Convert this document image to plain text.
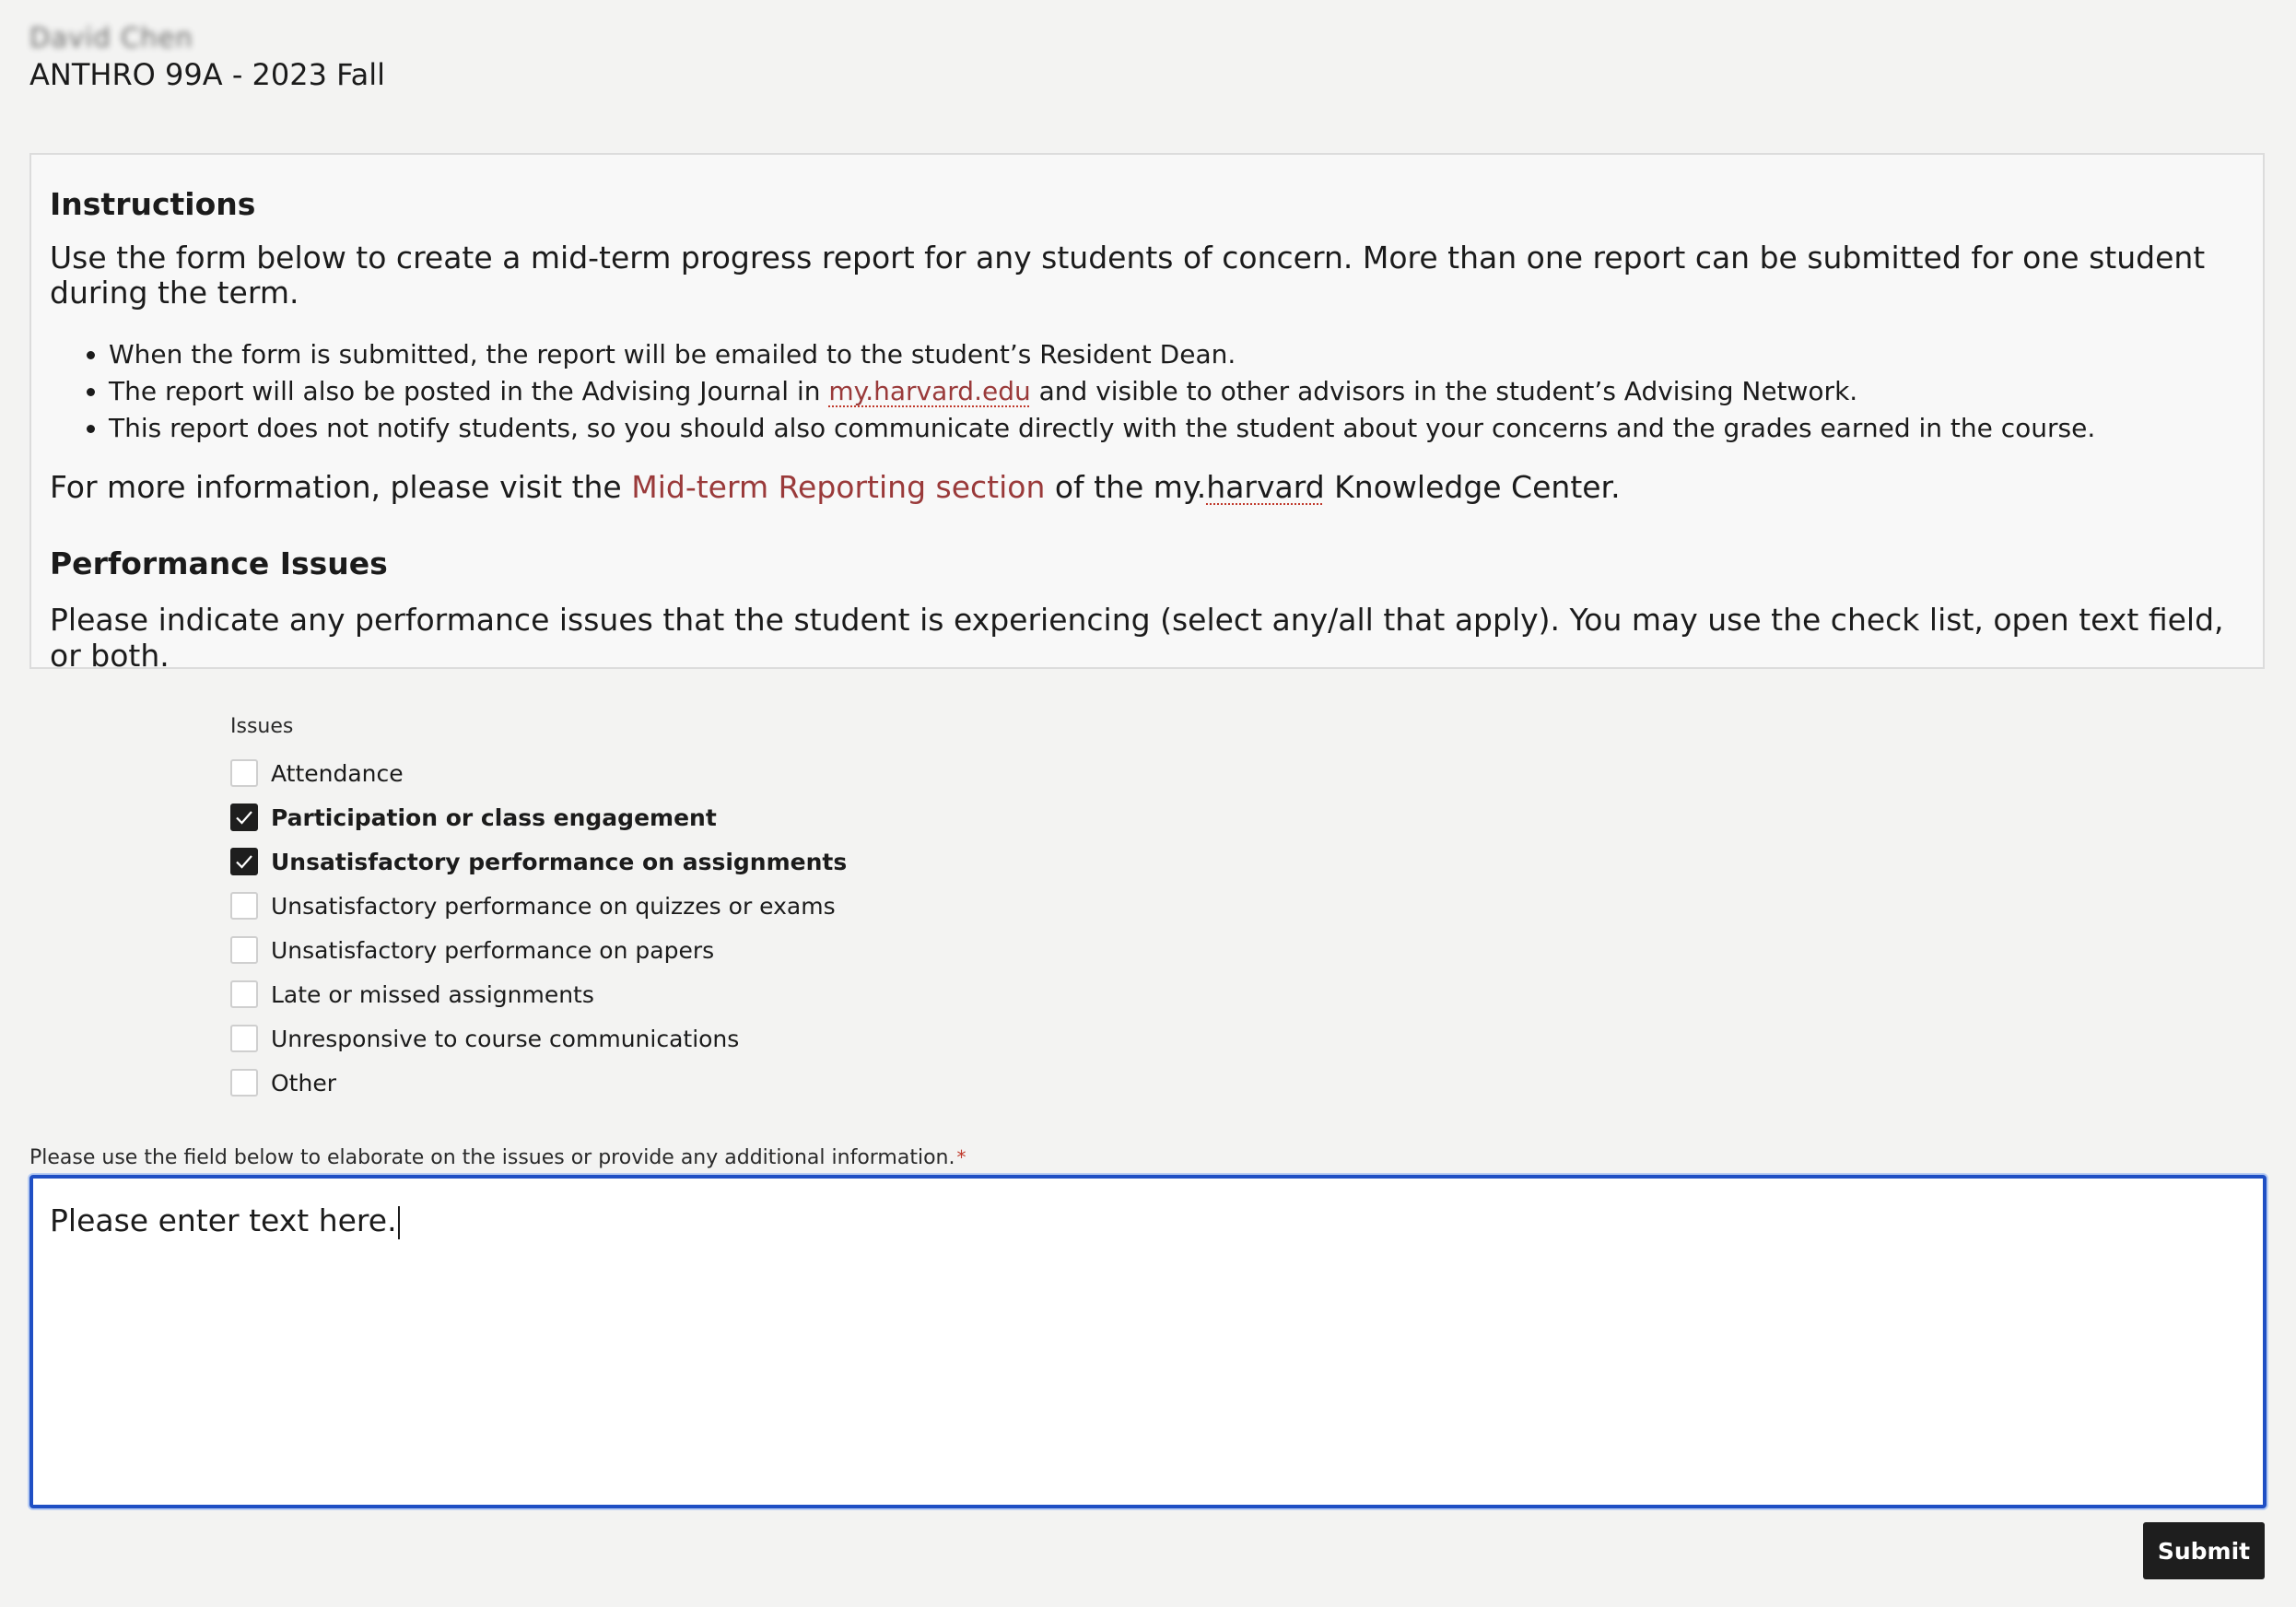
David Chen
ANTHRO 99A - 2023 Fall
Instructions

Use the form below to create a mid-term progress report for any students of concern. More than one report can be submitted for one student during the term.

• When the form is submitted, the report will be emailed to the student’s Resident Dean.
• The report will also be posted in the Advising Journal in my.harvard.edu and visible to other advisors in the student’s Advising Network.
• This report does not notify students, so you should also communicate directly with the student about your concerns and the grades earned in the course.

For more information, please visit the Mid-term Reporting section of the my.harvard Knowledge Center.

Performance Issues

Please indicate any performance issues that the student is experiencing (select any/all that apply). You may use the check list, open text field, or both.

Issues
Attendance
Participation or class engagement
Unsatisfactory performance on assignments
Unsatisfactory performance on quizzes or exams
Unsatisfactory performance on papers
Late or missed assignments
Unresponsive to course communications
Other
Please use the field below to elaborate on the issues or provide any additional information. *
Please enter text here.
Submit
